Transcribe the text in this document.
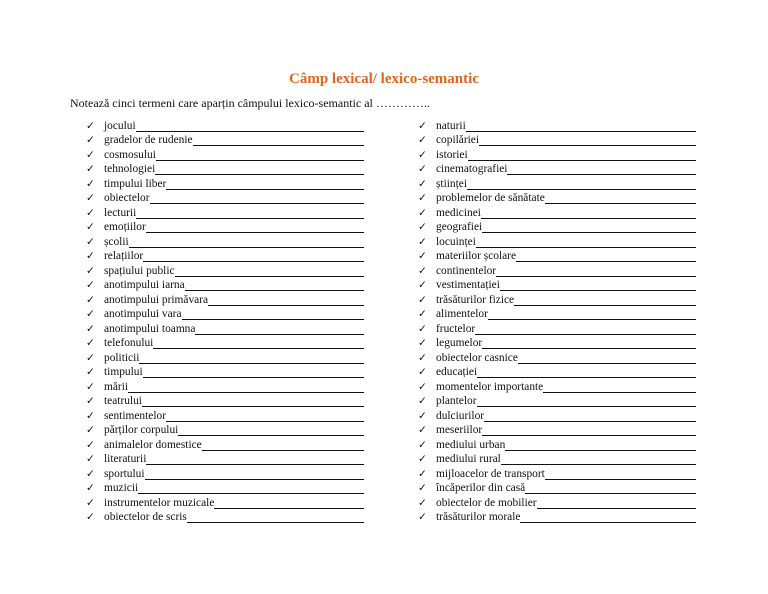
Câmp lexical/ lexico-semantic
Notează cinci termeni care aparțin câmpului lexico-semantic al …………..
✓ jocului
✓ gradelor de rudenie
✓ cosmosului
✓ tehnologiei
✓ timpului liber
✓ obiectelor
✓ lecturii
✓ emoțiilor
✓ școlii
✓ relațiilor
✓ spațiului public
✓ anotimpului iarna
✓ anotimpului primăvara
✓ anotimpului vara
✓ anotimpului toamna
✓ telefonului
✓ politicii
✓ timpului
✓ mării
✓ teatrului
✓ sentimentelor
✓ părților corpului
✓ animalelor domestice
✓ literaturii
✓ sportului
✓ muzicii
✓ instrumentelor muzicale
✓ obiectelor de scris
✓ naturii
✓ copilăriei
✓ istoriei
✓ cinematografiei
✓ științei
✓ problemelor de sănătate
✓ medicinei
✓ geografiei
✓ locuinței
✓ materiilor școlare
✓ continentelor
✓ vestimentației
✓ trăsăturilor fizice
✓ alimentelor
✓ fructelor
✓ legumelor
✓ obiectelor casnice
✓ educației
✓ momentelor importante
✓ plantelor
✓ dulciurilor
✓ meseriilor
✓ mediului urban
✓ mediului rural
✓ mijloacelor de transport
✓ încăperilor din casă
✓ obiectelor de mobilier
✓ trăsăturilor morale
